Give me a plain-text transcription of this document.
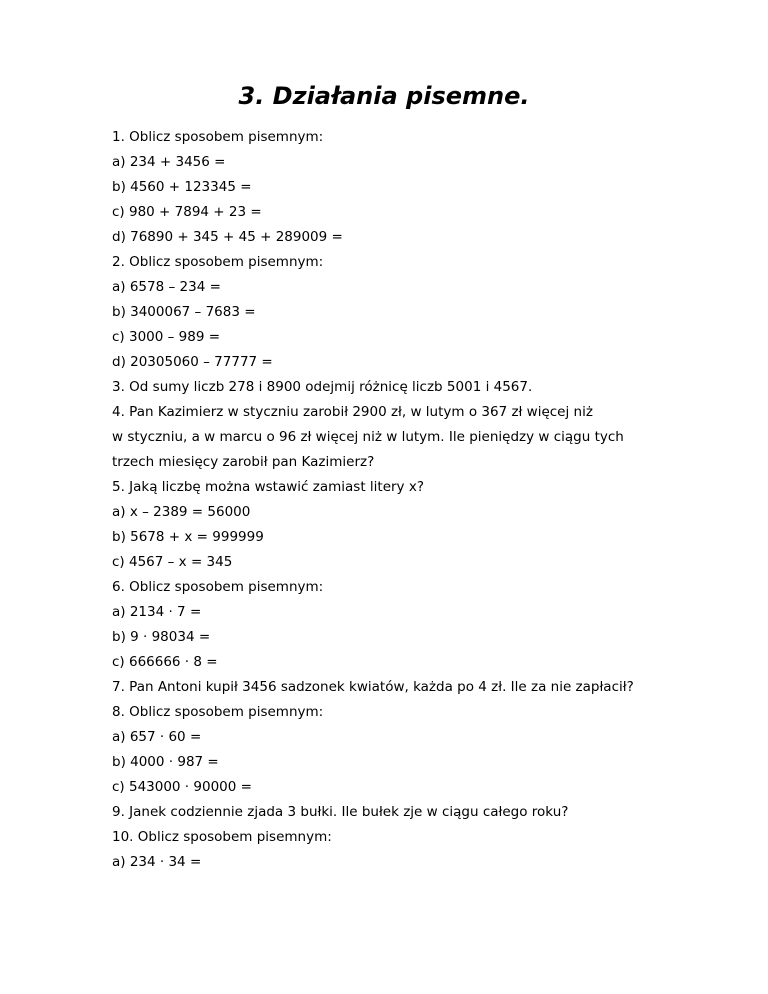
3. Działania pisemne.
1. Oblicz sposobem pisemnym:
a) 234 + 3456 =
b) 4560 + 123345 =
c) 980 + 7894 + 23 =
d) 76890 + 345 + 45 + 289009 =
2. Oblicz sposobem pisemnym:
a) 6578 – 234 =
b) 3400067 – 7683 =
c) 3000 – 989 =
d) 20305060 – 77777 =
3. Od sumy liczb 278 i 8900 odejmij różnicę liczb 5001 i 4567.
4. Pan Kazimierz w styczniu zarobił 2900 zł, w lutym o 367 zł więcej niż
w styczniu, a w marcu o 96 zł więcej niż w lutym. Ile pieniędzy w ciągu tych
trzech miesięcy zarobił pan Kazimierz?
5. Jaką liczbę można wstawić zamiast litery x?
a) x – 2389 = 56000
b) 5678 + x = 999999
c) 4567 – x = 345
6. Oblicz sposobem pisemnym:
a) 2134 · 7 =
b) 9 · 98034 =
c) 666666 · 8 =
7. Pan Antoni kupił 3456 sadzonek kwiatów, każda po 4 zł. Ile za nie zapłacił?
8. Oblicz sposobem pisemnym:
a) 657 · 60 =
b) 4000 · 987 =
c) 543000 · 90000 =
9. Janek codziennie zjada 3 bułki. Ile bułek zje w ciągu całego roku?
10. Oblicz sposobem pisemnym:
a) 234 · 34 =
